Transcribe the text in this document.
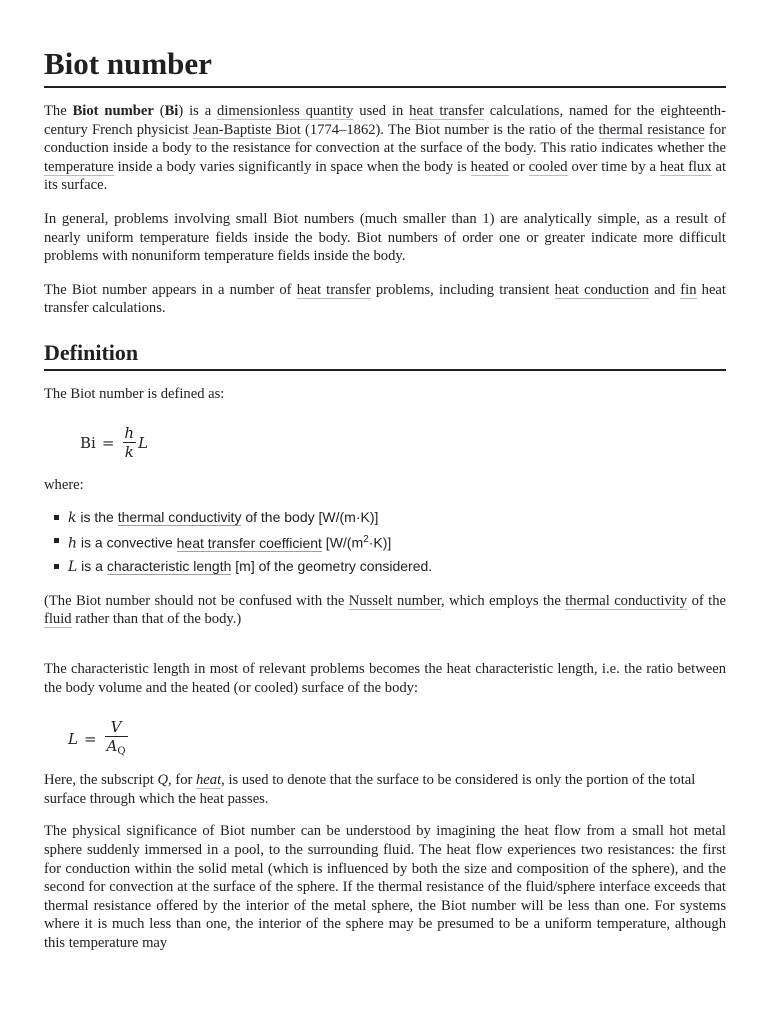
Biot number

The Biot number (Bi) is a dimensionless quantity used in heat transfer calculations, named for the eighteenth-century French physicist Jean-Baptiste Biot (1774–1862). The Biot number is the ratio of the thermal resistance for conduction inside a body to the resistance for convection at the surface of the body. This ratio indicates whether the temperature inside a body varies significantly in space when the body is heated or cooled over time by a heat flux at its surface.

In general, problems involving small Biot numbers (much smaller than 1) are analytically simple, as a result of nearly uniform temperature fields inside the body. Biot numbers of order one or greater indicate more difficult problems with nonuniform temperature fields inside the body.

The Biot number appears in a number of heat transfer problems, including transient heat conduction and fin heat transfer calculations.

Definition

The Biot number is defined as:

$Bi = \frac{h}{k}$ L

where:

k is the thermal conductivity of the body [W/(m·K)]
h is a convective heat transfer coefficient $[W/(m^2\cdot K)]$
L is a characteristic length [m] of the geometry considered.

(The Biot number should not be confused with the Nusselt number, which employs the thermal conductivity of the fluid rather than that of the body.)

The characteristic length in most of relevant problems becomes the heat characteristic length, i.e. the ratio between the body volume and the heated (or cooled) surface of the body:

$L = \frac{V}{A_Q}$

Here, the subscript Q, for heat, is used to denote that the surface to be considered is only the portion of the total surface through which the heat passes.

The physical significance of Biot number can be understood by imagining the heat flow from a small hot metal sphere suddenly immersed in a pool, to the surrounding fluid. The heat flow experiences two resistances: the first for conduction within the solid metal (which is influenced by both the size and composition of the sphere), and the second for convection at the surface of the sphere. If the thermal resistance of the fluid/sphere interface exceeds that thermal resistance offered by the interior of the metal sphere, the Biot number will be less than one. For systems where it is much less than one, the interior of the sphere may be presumed to be a uniform temperature, although this temperature may
